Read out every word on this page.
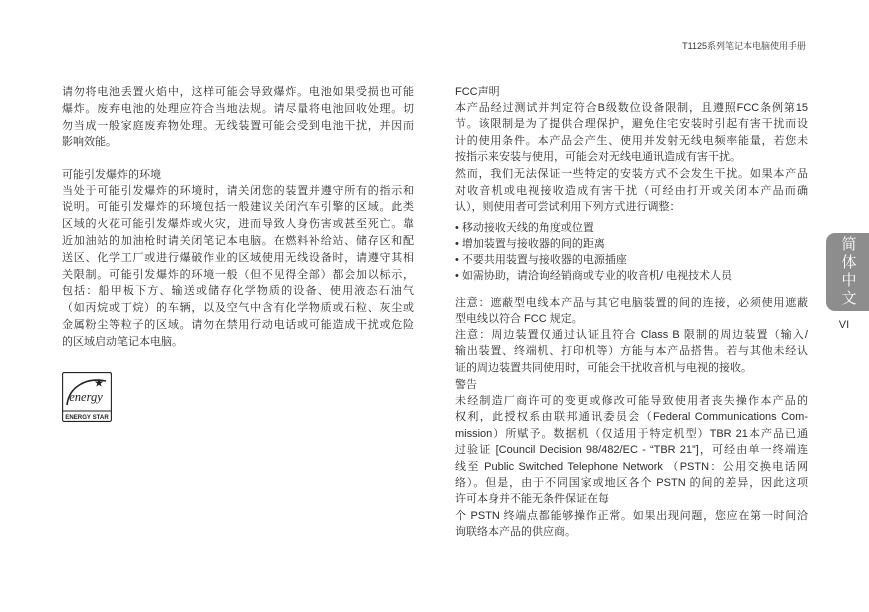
T1125系列笔记本电脑使用手册
请勿将电池丢置火焰中，这样可能会导致爆炸。电池如果受损也可能
爆炸。废弃电池的处理应符合当地法规。请尽量将电池回收处理。切
勿当成一般家庭废弃物处理。无线装置可能会受到电池干扰，并因而
影响效能。
可能引发爆炸的环境
当处于可能引发爆炸的环境时，请关闭您的装置并遵守所有的指示和
说明。可能引发爆炸的环境包括一般建议关闭汽车引擎的区域。此类
区域的火花可能引发爆炸或火灾，进而导致人身伤害或甚至死亡。靠
近加油站的加油枪时请关闭笔记本电脑。在燃料补给站、储存区和配
送区、化学工厂或进行爆破作业的区域使用无线设备时，请遵守其相
关限制。可能引发爆炸的环境一般（但不见得全部）都会加以标示，
包括：船甲板下方、输送或储存化学物质的设备、使用液态石油气
（如丙烷或丁烷）的车辆，以及空气中含有化学物质或石粒、灰尘或
金属粉尘等粒子的区域。请勿在禁用行动电话或可能造成干扰或危险
的区域启动笔记本电脑。
energy
ENERGY STAR
FCC声明
本产品经过测试并判定符合B级数位设备限制，且遵照FCC条例第15
节。该限制是为了提供合理保护，避免住宅安装时引起有害干扰而设
计的使用条件。本产品会产生、使用并发射无线电频率能量，若您未
按指示来安装与使用，可能会对无线电通讯造成有害干扰。
然而，我们无法保证一些特定的安装方式不会发生干扰。如果本产品
对收音机或电视接收造成有害干扰（可经由打开或关闭本产品而确
认），则使用者可尝试利用下列方式进行调整：
• 移动接收天线的角度或位置
• 增加装置与接收器的间的距离
• 不要共用装置与接收器的电源插座
• 如需协助，请洽询经销商或专业的收音机/ 电视技术人员
注意：遮蔽型电线本产品与其它电脑装置的间的连接，必须使用遮蔽
型电线以符合 FCC 规定。
注意：周边装置仅通过认证且符合 Class B 限制的周边装置（输入/
输出装置、终端机、打印机等）方能与本产品搭售。若与其他未经认
证的周边装置共同使用时，可能会干扰收音机与电视的接收。
警告
未经制造厂商许可的变更或修改可能导致使用者丧失操作本产品的
权利，此授权系由联邦通讯委员会（Federal Communications Com-
mission）所赋予。数据机（仅适用于特定机型）TBR 21本产品已通
过验证 [Council Decision 98/482/EC - “TBR 21”]，可经由单一终端连
线至 Public Switched Telephone Network （PSTN：公用交换电话网
络）。但是，由于不同国家或地区各个 PSTN 的间的差异，因此这项
许可本身并不能无条件保证在每
个 PSTN 终端点都能够操作正常。如果出现问题，您应在第一时间洽
询联络本产品的供应商。
简体中文
VI
